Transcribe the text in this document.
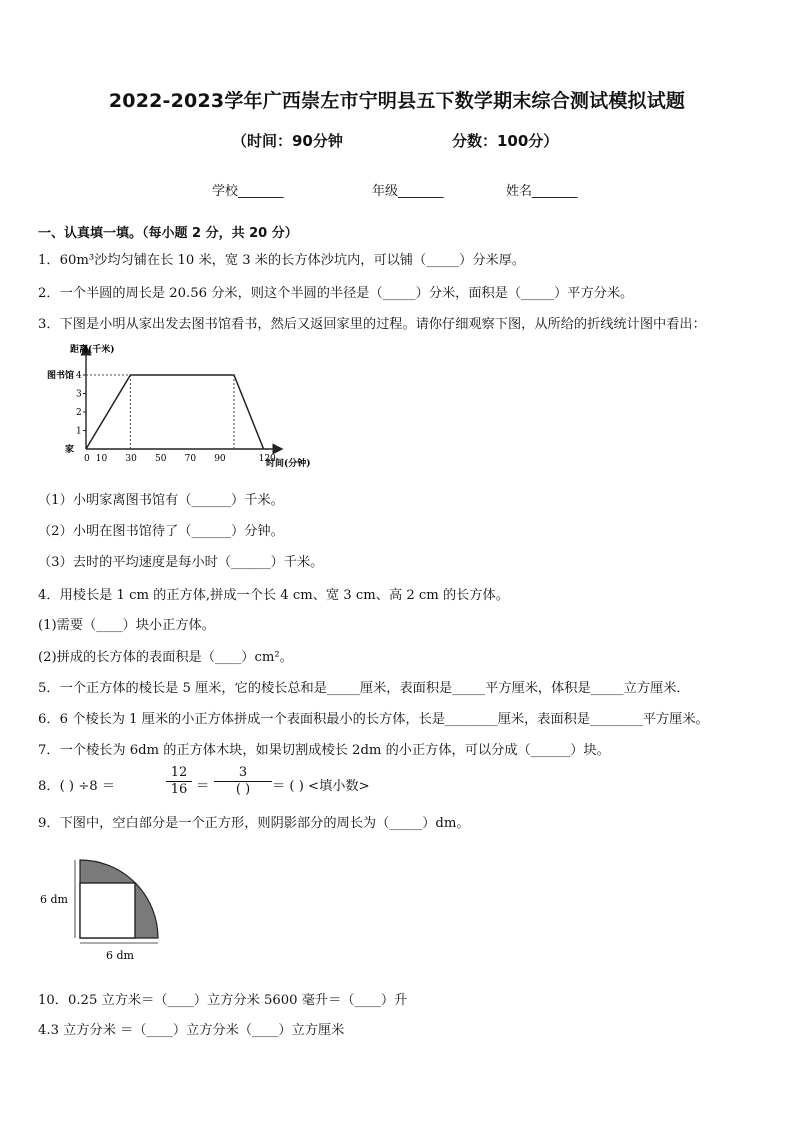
2022-2023学年广西崇左市宁明县五下数学期末综合测试模拟试题
（时间：90分钟	分数：100分）
学校_______	年级_______	姓名_______
一、认真填一填。（每小题 2 分，共 20 分）
1．60m³沙均匀铺在长 10 米，宽 3 米的长方体沙坑内，可以铺（_____）分米厚。
2．一个半圆的周长是 20.56 分米，则这个半圆的半径是（_____）分米，面积是（_____）平方分米。
3．下图是小明从家出发去图书馆看书，然后又返回家里的过程。请你仔细观察下图，从所给的折线统计图中看出：
距离(千米)
时间(分钟)
0 10 30 50 70 90	120
1
2
3
4
家
图书馆
（1）小明家离图书馆有（______）千米。
（2）小明在图书馆待了（______）分钟。
（3）去时的平均速度是每小时（______）千米。
4．用棱长是 1 cm 的正方体,拼成一个长 4 cm、宽 3 cm、高 2 cm 的长方体。
(1)需要（____）块小正方体。
(2)拼成的长方体的表面积是（____）cm²。
5．一个正方体的棱长是 5 厘米，它的棱长总和是_____厘米，表面积是_____平方厘米，体积是_____立方厘米．
6．6 个棱长为 1 厘米的小正方体拼成一个表面积最小的长方体，长是________厘米，表面积是________平方厘米。
7．一个棱长为 6dm 的正方体木块，如果切割成棱长 2dm 的小正方体，可以分成（______）块。
8．( ) ÷8 ＝	$\frac{12}{16}$ ＝
3
( )	＝ ( ) <填小数>
9．下图中，空白部分是一个正方形，则阴影部分的周长为（_____）dm。
6 dm
6 dm
10．0.25 立方米＝（____）立方分米 5600 毫升＝（____）升
4.3 立方分米 ＝（____）立方分米（____）立方厘米
